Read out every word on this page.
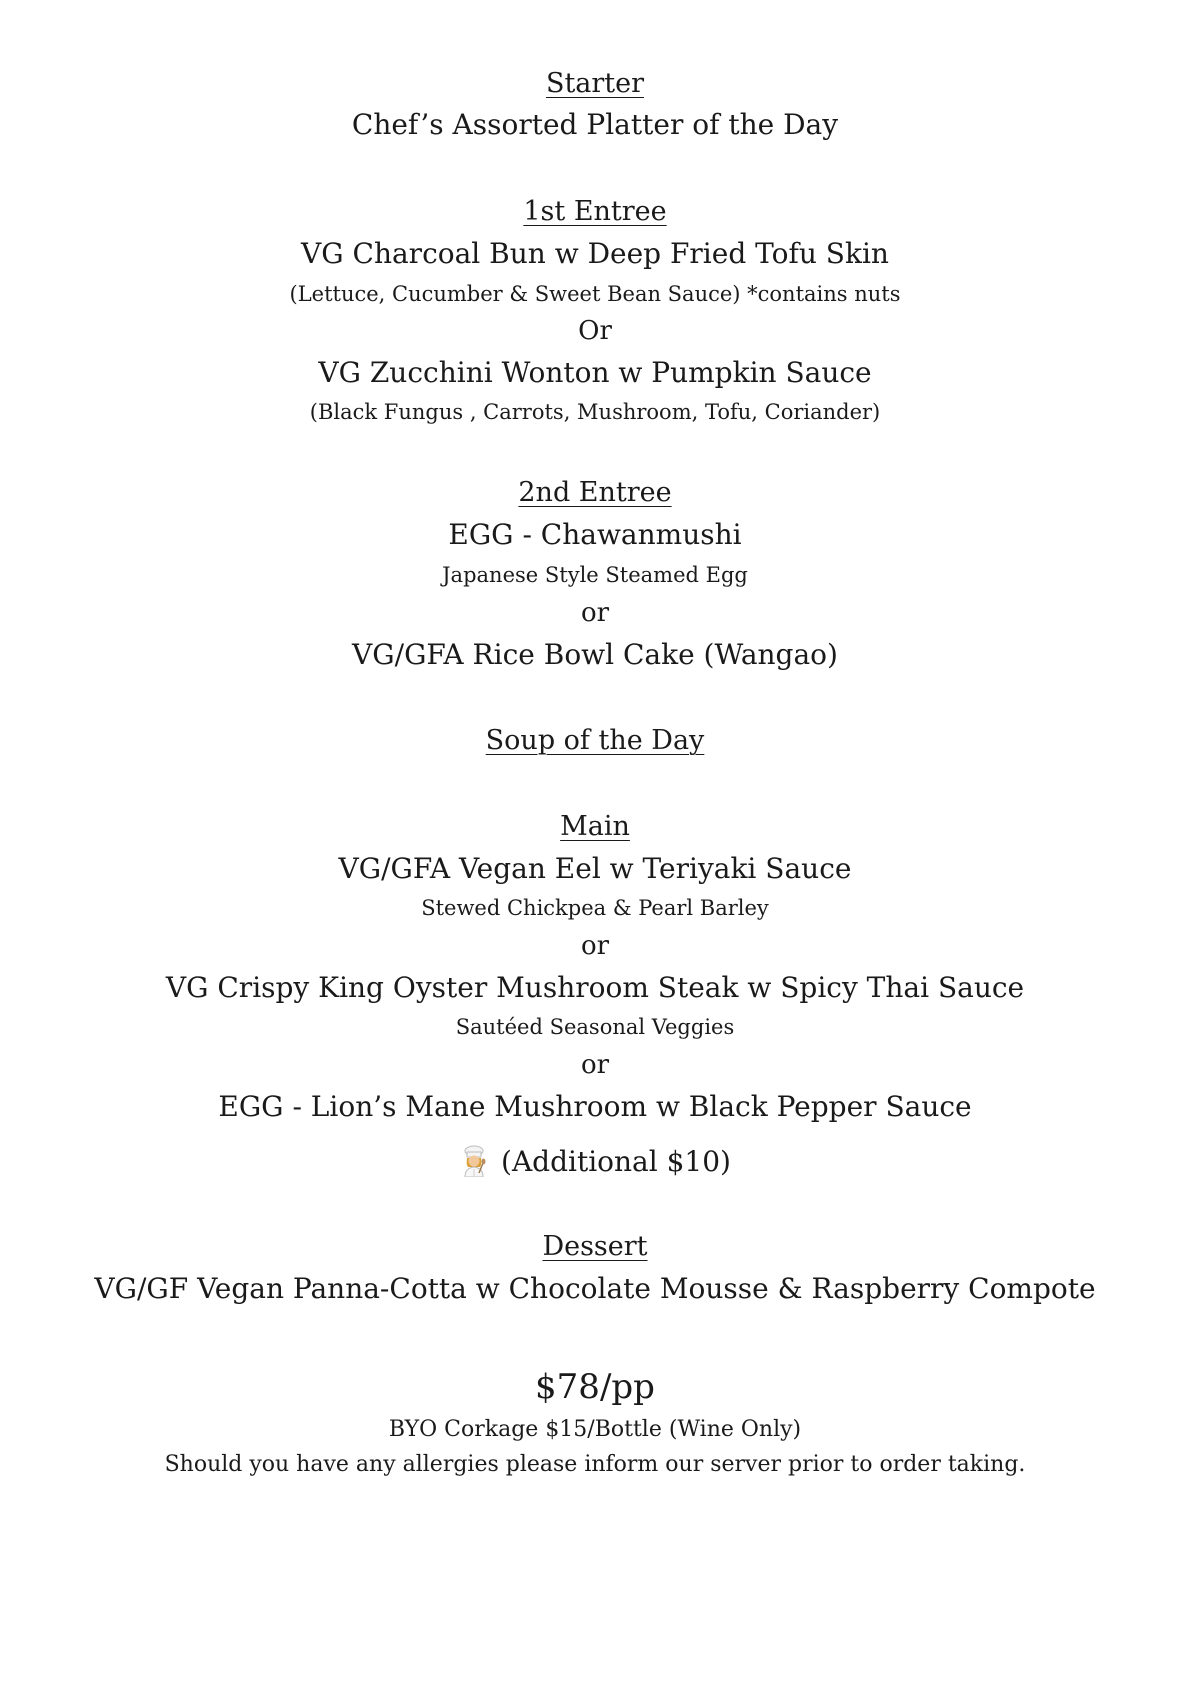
Starter
Chef’s Assorted Platter of the Day
1st Entree
VG Charcoal Bun w Deep Fried Tofu Skin
(Lettuce, Cucumber & Sweet Bean Sauce) *contains nuts
Or
VG Zucchini Wonton w Pumpkin Sauce
(Black Fungus , Carrots, Mushroom, Tofu, Coriander)
2nd Entree
EGG - Chawanmushi
Japanese Style Steamed Egg
or
VG/GFA Rice Bowl Cake (Wangao)
Soup of the Day
Main
VG/GFA Vegan Eel w Teriyaki Sauce
Stewed Chickpea & Pearl Barley
or
VG Crispy King Oyster Mushroom Steak w Spicy Thai Sauce
Sautéed Seasonal Veggies
or
EGG - Lion’s Mane Mushroom w Black Pepper Sauce
(Additional $10)
Dessert
VG/GF Vegan Panna-Cotta w Chocolate Mousse & Raspberry Compote
$78/pp
BYO Corkage $15/Bottle (Wine Only)
Should you have any allergies please inform our server prior to order taking.
